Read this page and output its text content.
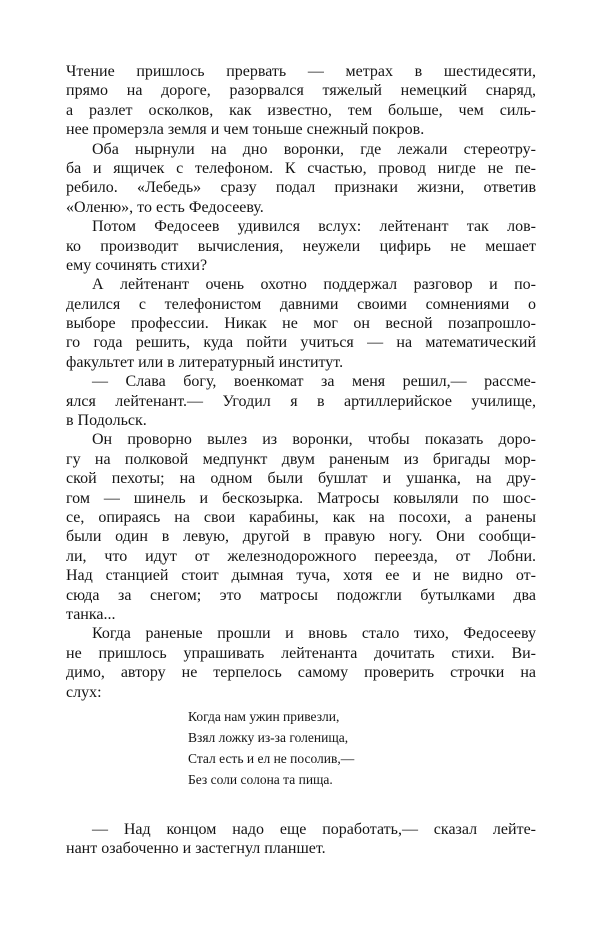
Чтение пришлось прервать — метрах в шестидесяти,
прямо на дороге, разорвался тяжелый немецкий снаряд,
а разлет осколков, как известно, тем больше, чем силь-
нее промерзла земля и чем тоньше снежный покров.
Оба нырнули на дно воронки, где лежали стереотру-
ба и ящичек с телефоном. К счастью, провод нигде не пе-
ребило. «Лебедь» сразу подал признаки жизни, ответив
«Оленю», то есть Федосееву.
Потом Федосеев удивился вслух: лейтенант так лов-
ко производит вычисления, неужели цифирь не мешает
ему сочинять стихи?
А лейтенант очень охотно поддержал разговор и по-
делился с телефонистом давними своими сомнениями о
выборе профессии. Никак не мог он весной позапрошло-
го года решить, куда пойти учиться — на математический
факультет или в литературный институт.
— Слава богу, военкомат за меня решил,— рассме-
ялся лейтенант.— Угодил я в артиллерийское училище,
в Подольск.
Он проворно вылез из воронки, чтобы показать доро-
гу на полковой медпункт двум раненым из бригады мор-
ской пехоты; на одном были бушлат и ушанка, на дру-
гом — шинель и бескозырка. Матросы ковыляли по шос-
се, опираясь на свои карабины, как на посохи, а ранены
были один в левую, другой в правую ногу. Они сообщи-
ли, что идут от железнодорожного переезда, от Лобни.
Над станцией стоит дымная туча, хотя ее и не видно от-
сюда за снегом; это матросы подожгли бутылками два
танка...
Когда раненые прошли и вновь стало тихо, Федосееву
не пришлось упрашивать лейтенанта дочитать стихи. Ви-
димо, автору не терпелось самому проверить строчки на
слух:
Когда нам ужин привезли,
Взял ложку из-за голенища,
Стал есть и ел не посолив,—
Без соли солона та пища.
— Над концом надо еще поработать,— сказал лейте-
нант озабоченно и застегнул планшет.
